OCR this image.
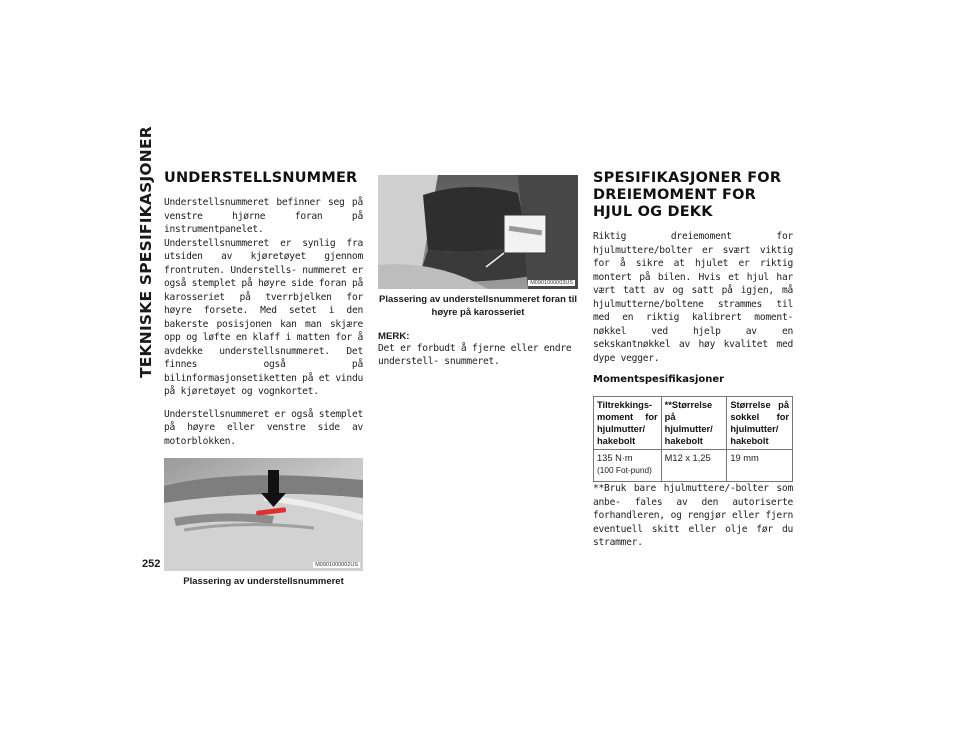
TEKNISKE SPESIFIKASJONER
252
UNDERSTELLSNUMMER

Understellsnummeret befinner seg på venstre hjørne foran på instrumentpanelet. Understellsnummeret er synlig fra utsiden av kjøretøyet gjennom frontruten. Understells- nummeret er også stemplet på høyre side foran på karosseriet på tverrbjelken for høyre forsete. Med setet i den bakerste posisjonen kan man skjære opp og løfte en klaff i matten for å avdekke understellsnummeret. Det finnes også på bilinformasjonsetiketten på et vindu på kjøretøyet og vognkortet.

Understellsnummeret er også stemplet på høyre eller venstre side av motorblokken.

M0901000002US
Plassering av understellsnummeret
M0901000003US
Plassering av understellsnummeret foran til høyre på karosseriet
MERK:

Det er forbudt å fjerne eller endre understell- snummeret.

SPESIFIKASJONER FOR DREIEMOMENT FOR HJUL OG DEKK

Riktig dreiemoment for hjulmuttere/bolter er svært viktig for å sikre at hjulet er riktig montert på bilen. Hvis et hjul har vært tatt av og satt på igjen, må hjulmutterne/boltene strammes til med en riktig kalibrert moment- nøkkel ved hjelp av en sekskantnøkkel av høy kvalitet med dype vegger.

Momentspesifikasjoner
Tiltrekkings- moment for hjulmutter/ hakebolt	**Størrelse på hjulmutter/ hakebolt	Størrelse på sokkel for hjulmutter/ hakebolt

135 N·m
(100 Fot-pund)	M12 x 1,25	19 mm

**Bruk bare hjulmuttere/-bolter som anbe- fales av den autoriserte forhandleren, og rengjør eller fjern eventuell skitt eller olje før du strammer.
